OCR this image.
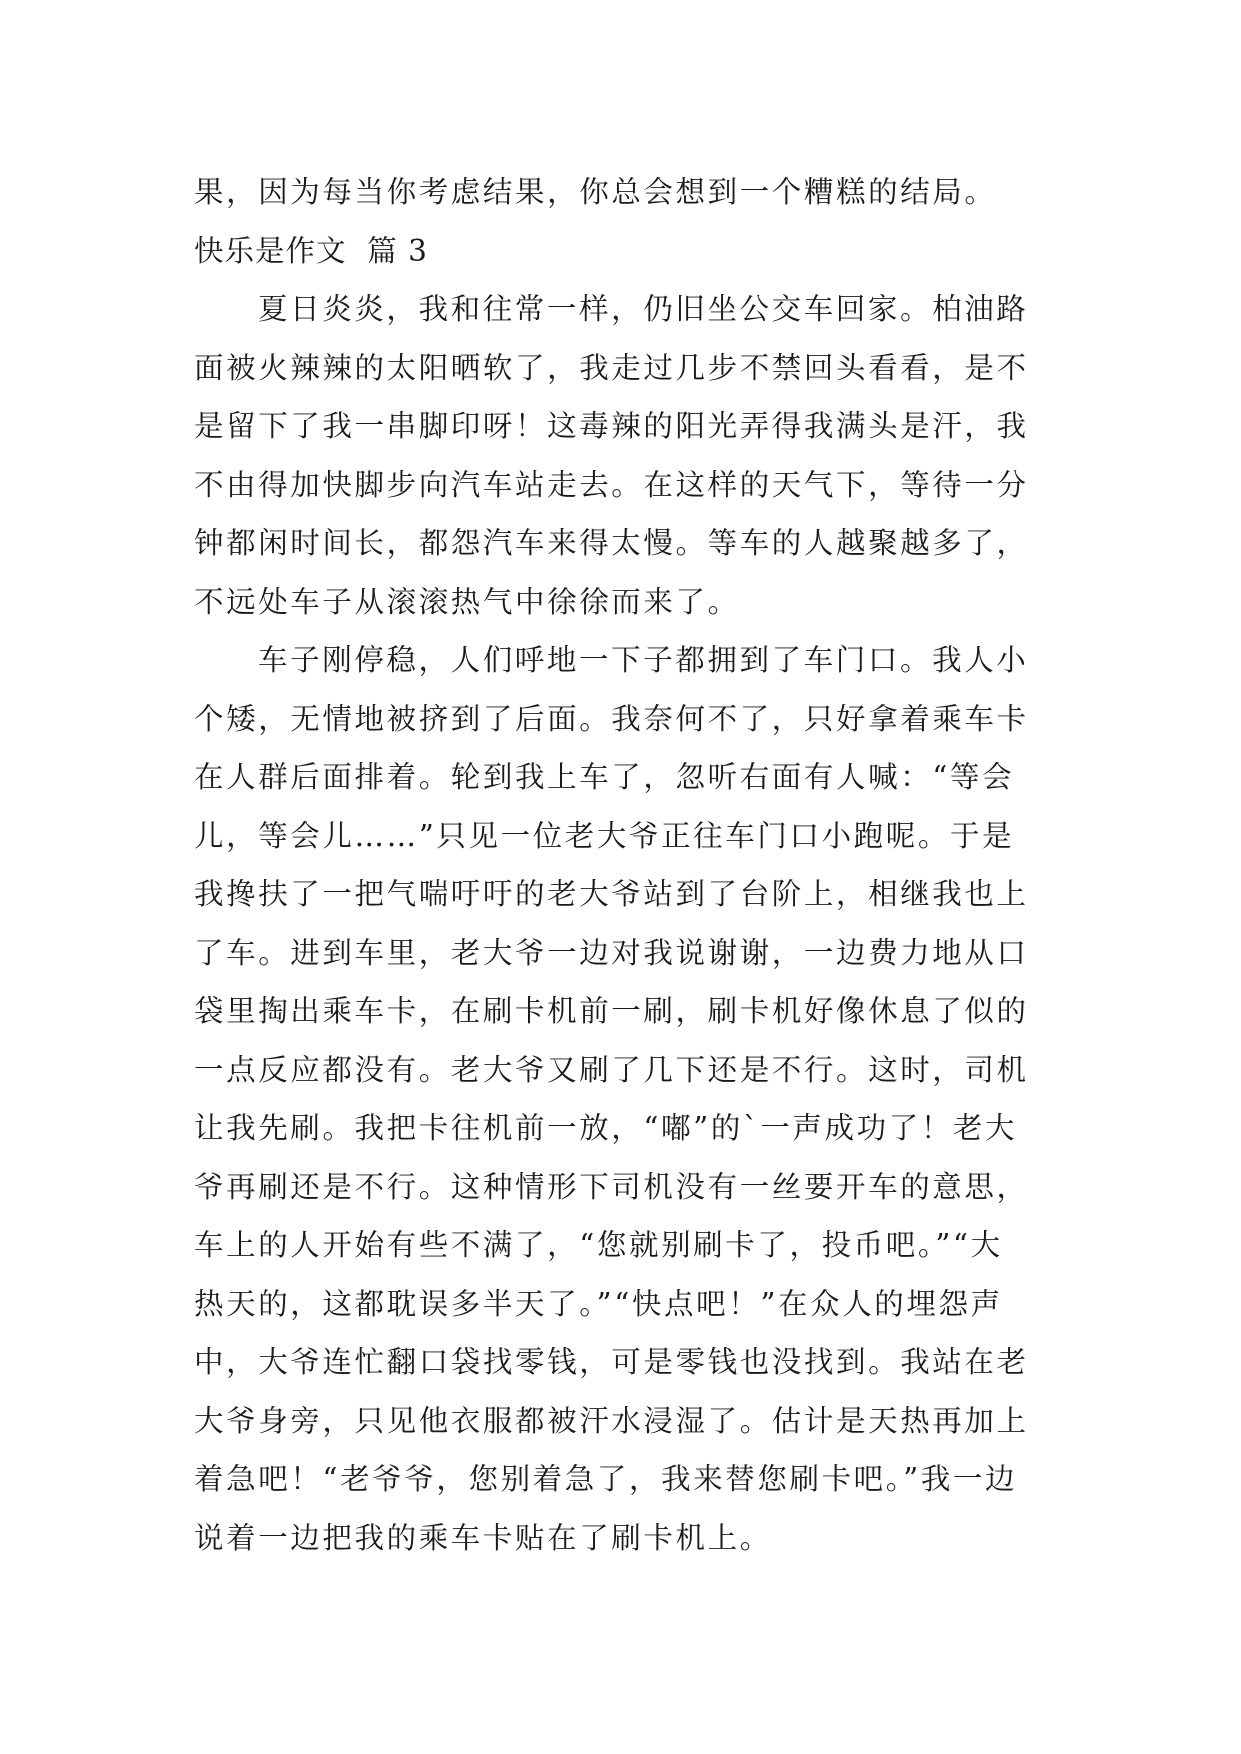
果，因为每当你考虑结果，你总会想到一个糟糕的结局。
快乐是作文  篇 3
夏日炎炎，我和往常一样，仍旧坐公交车回家。柏油路
面被火辣辣的太阳晒软了，我走过几步不禁回头看看，是不
是留下了我一串脚印呀！这毒辣的阳光弄得我满头是汗，我
不由得加快脚步向汽车站走去。在这样的天气下，等待一分
钟都闲时间长，都怨汽车来得太慢。等车的人越聚越多了，
不远处车子从滚滚热气中徐徐而来了。
车子刚停稳，人们呼地一下子都拥到了车门口。我人小
个矮，无情地被挤到了后面。我奈何不了，只好拿着乘车卡
在人群后面排着。轮到我上车了，忽听右面有人喊：“等会
儿，等会儿……”只见一位老大爷正往车门口小跑呢。于是
我搀扶了一把气喘吁吁的老大爷站到了台阶上，相继我也上
了车。进到车里，老大爷一边对我说谢谢，一边费力地从口
袋里掏出乘车卡，在刷卡机前一刷，刷卡机好像休息了似的
一点反应都没有。老大爷又刷了几下还是不行。这时，司机
让我先刷。我把卡往机前一放，“嘟”的`一声成功了！老大
爷再刷还是不行。这种情形下司机没有一丝要开车的意思，
车上的人开始有些不满了，“您就别刷卡了，投币吧。”“大
热天的，这都耽误多半天了。”“快点吧！”在众人的埋怨声
中，大爷连忙翻口袋找零钱，可是零钱也没找到。我站在老
大爷身旁，只见他衣服都被汗水浸湿了。估计是天热再加上
着急吧！“老爷爷，您别着急了，我来替您刷卡吧。”我一边
说着一边把我的乘车卡贴在了刷卡机上。
